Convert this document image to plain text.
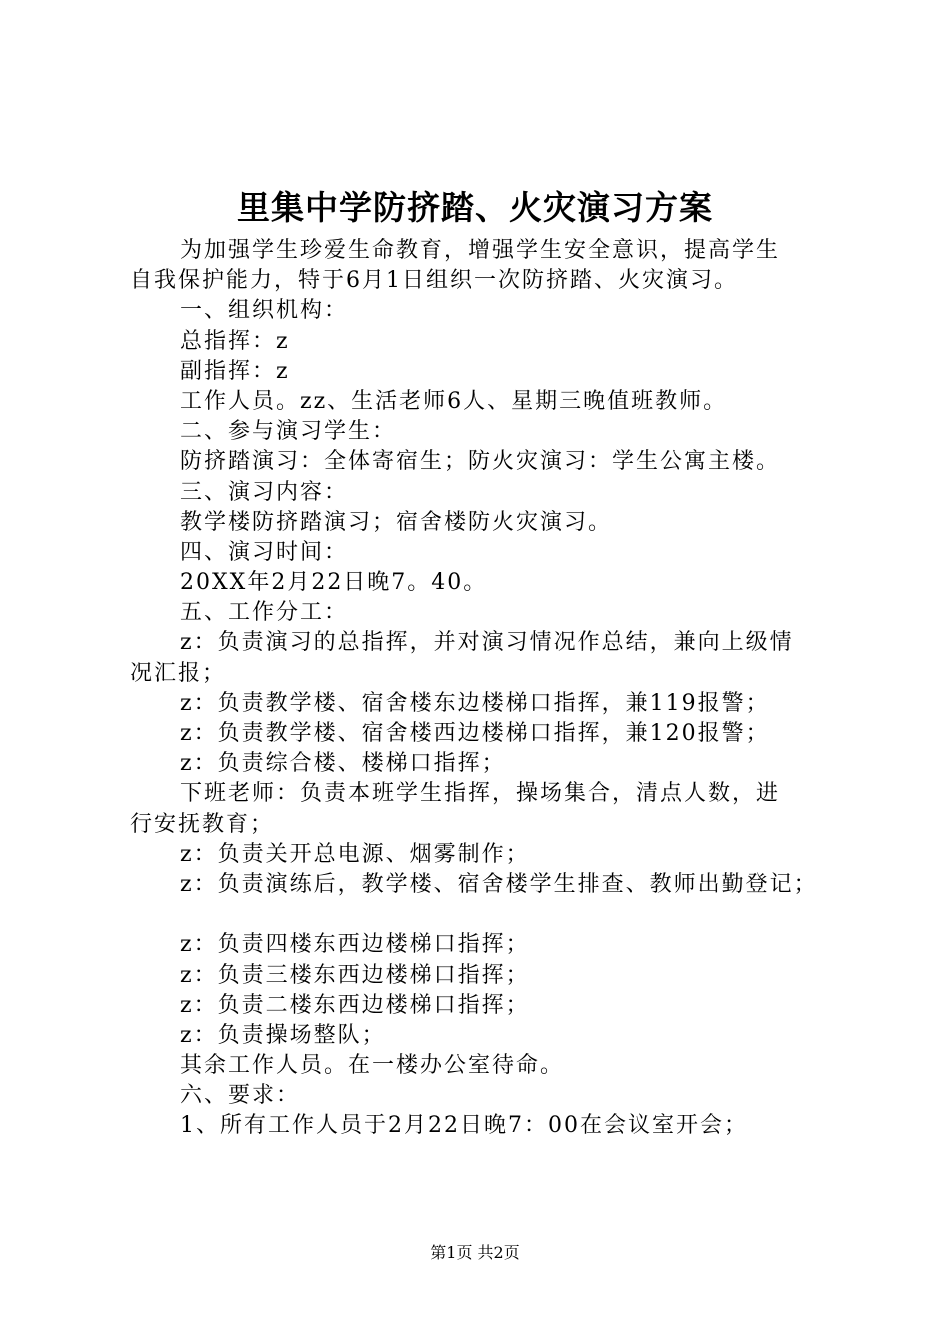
里集中学防挤踏、火灾演习方案
为加强学生珍爱生命教育，增强学生安全意识，提高学生
自我保护能力，特于6月1日组织一次防挤踏、火灾演习。
一、组织机构：
总指挥：z
副指挥：z
工作人员。zz、生活老师6人、星期三晚值班教师。
二、参与演习学生：
防挤踏演习：全体寄宿生；防火灾演习：学生公寓主楼。
三、演习内容：
教学楼防挤踏演习；宿舍楼防火灾演习。
四、演习时间：
20XX年2月22日晚7。40。
五、工作分工：
z：负责演习的总指挥，并对演习情况作总结，兼向上级情
况汇报；
z：负责教学楼、宿舍楼东边楼梯口指挥，兼119报警；
z：负责教学楼、宿舍楼西边楼梯口指挥，兼120报警；
z：负责综合楼、楼梯口指挥；
下班老师：负责本班学生指挥，操场集合，清点人数，进
行安抚教育；
z：负责关开总电源、烟雾制作；
z：负责演练后，教学楼、宿舍楼学生排查、教师出勤登记；
z：负责四楼东西边楼梯口指挥；
z：负责三楼东西边楼梯口指挥；
z：负责二楼东西边楼梯口指挥；
z：负责操场整队；
其余工作人员。在一楼办公室待命。
六、要求：
1、所有工作人员于2月22日晚7：00在会议室开会；
第1页 共2页
